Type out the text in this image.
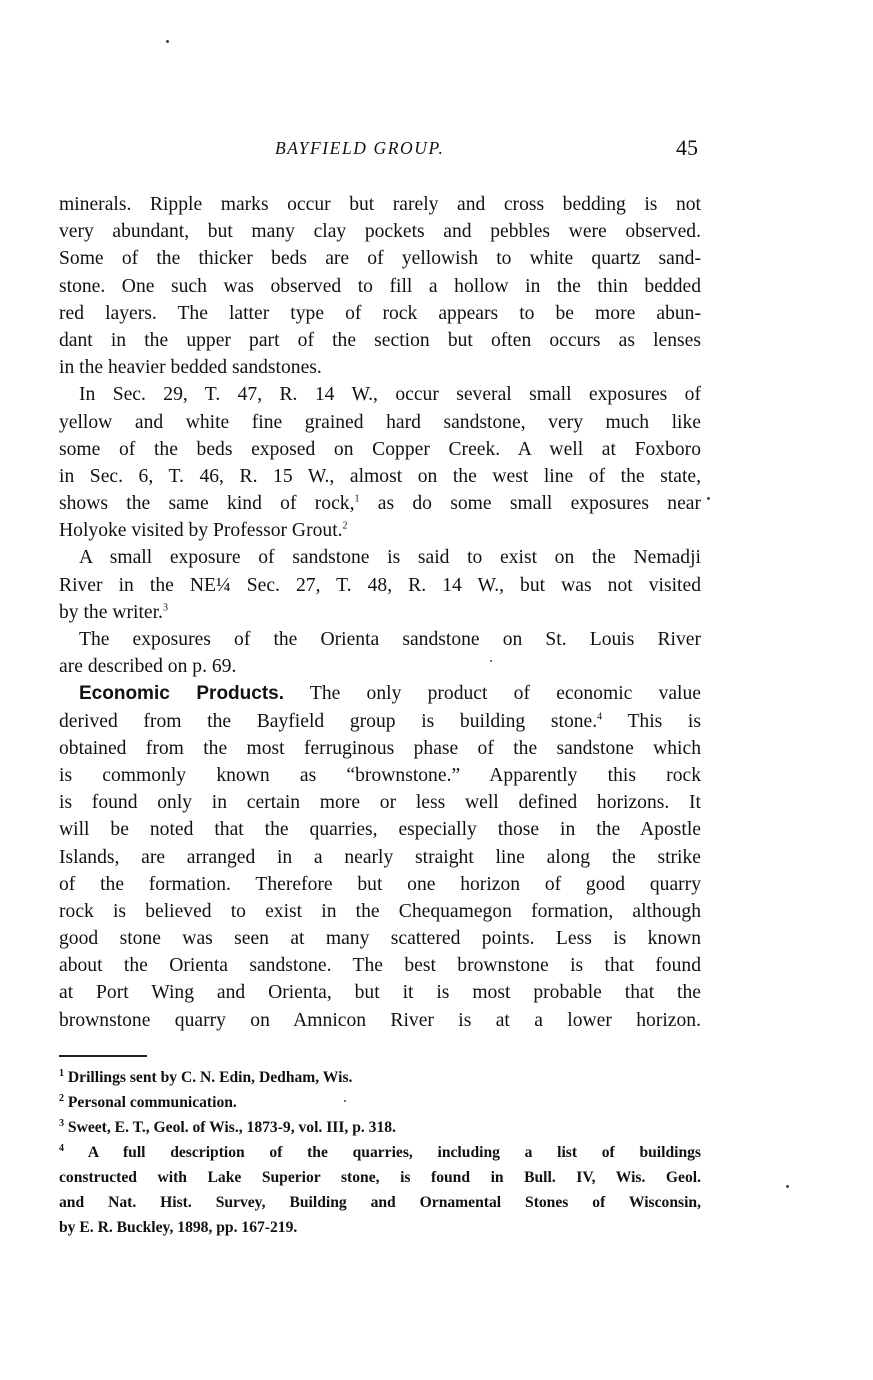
BAYFIELD GROUP.	45
minerals. Ripple marks occur but rarely and cross bedding is not
very abundant, but many clay pockets and pebbles were observed.
Some of the thicker beds are of yellowish to white quartz sand-
stone. One such was observed to fill a hollow in the thin bedded
red layers. The latter type of rock appears to be more abun-
dant in the upper part of the section but often occurs as lenses
in the heavier bedded sandstones.
In Sec. 29, T. 47, R. 14 W., occur several small exposures of
yellow and white fine grained hard sandstone, very much like
some of the beds exposed on Copper Creek. A well at Foxboro
in Sec. 6, T. 46, R. 15 W., almost on the west line of the state,
shows the same kind of rock,$^1$ as do some small exposures near
Holyoke visited by Professor Grout.$^2$
A small exposure of sandstone is said to exist on the Nemadji
River in the NE¼ Sec. 27, T. 48, R. 14 W., but was not visited
by the writer.$^3$
The exposures of the Orienta sandstone on St. Louis River
are described on p. 69.
Economic Products. The only product of economic value
derived from the Bayfield group is building stone.$^4$ This is
obtained from the most ferruginous phase of the sandstone which
is commonly known as “brownstone.” Apparently this rock
is found only in certain more or less well defined horizons. It
will be noted that the quarries, especially those in the Apostle
Islands, are arranged in a nearly straight line along the strike
of the formation. Therefore but one horizon of good quarry
rock is believed to exist in the Chequamegon formation, although
good stone was seen at many scattered points. Less is known
about the Orienta sandstone. The best brownstone is that found
at Port Wing and Orienta, but it is most probable that the
brownstone quarry on Amnicon River is at a lower horizon.
$^1$ Drillings sent by C. N. Edin, Dedham, Wis.
$^2$ Personal communication.
$^3$ Sweet, E. T., Geol. of Wis., 1873-9, vol. III, p. 318.
$^4$ A full description of the quarries, including a list of buildings
constructed with Lake Superior stone, is found in Bull. IV, Wis. Geol.
and Nat. Hist. Survey, Building and Ornamental Stones of Wisconsin,
by E. R. Buckley, 1898, pp. 167-219.
